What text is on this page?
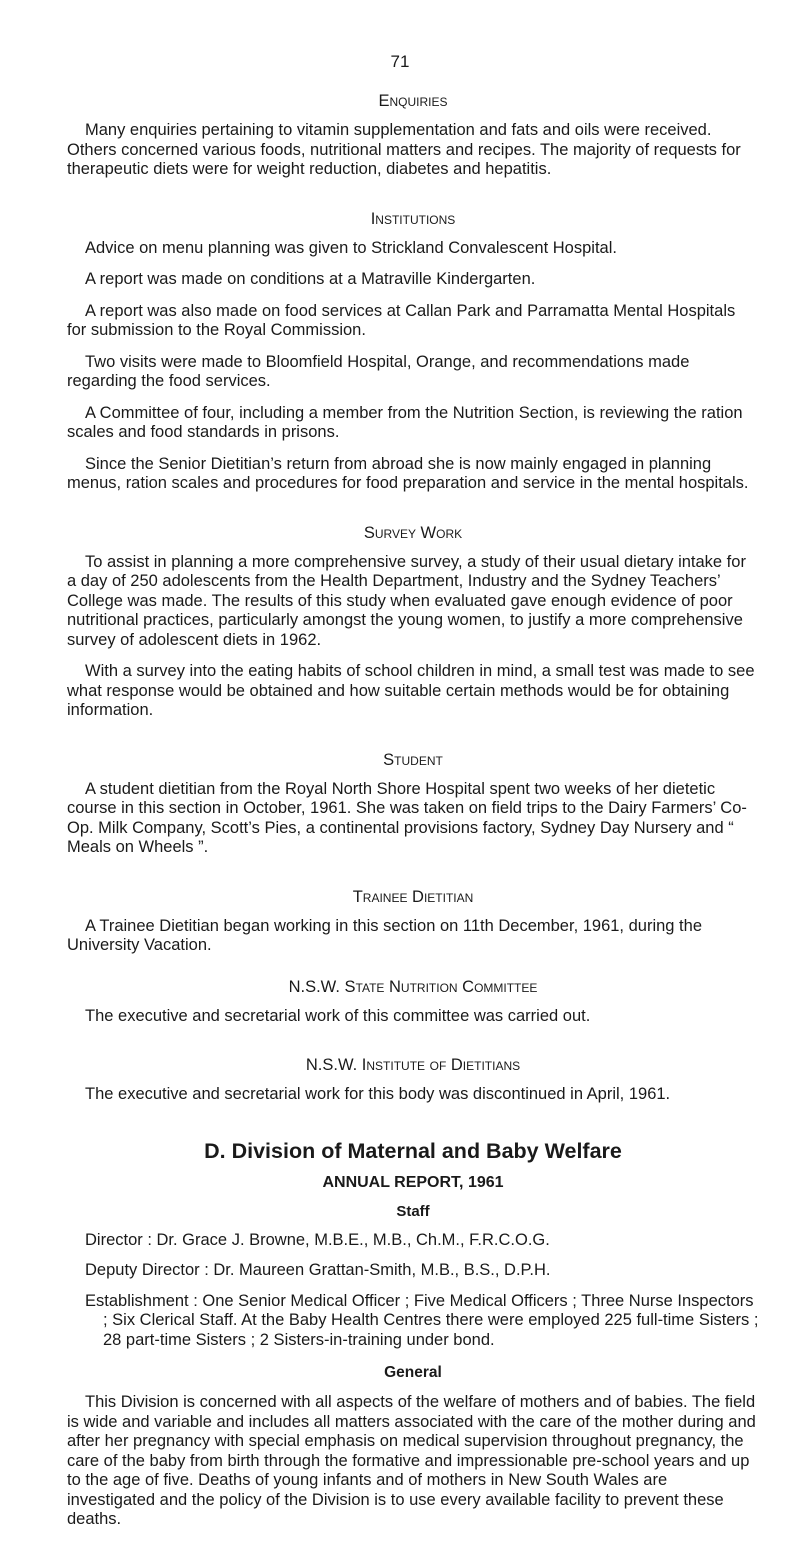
71
Enquiries

Many enquiries pertaining to vitamin supplementation and fats and oils were received. Others concerned various foods, nutritional matters and recipes. The majority of requests for therapeutic diets were for weight reduction, diabetes and hepatitis.

Institutions

Advice on menu planning was given to Strickland Convalescent Hospital.

A report was made on conditions at a Matraville Kindergarten.

A report was also made on food services at Callan Park and Parramatta Mental Hospitals for submission to the Royal Commission.

Two visits were made to Bloomfield Hospital, Orange, and recommendations made regarding the food services.

A Committee of four, including a member from the Nutrition Section, is reviewing the ration scales and food standards in prisons.

Since the Senior Dietitian’s return from abroad she is now mainly engaged in planning menus, ration scales and procedures for food preparation and service in the mental hospitals.

Survey Work

To assist in planning a more comprehensive survey, a study of their usual dietary intake for a day of 250 adolescents from the Health Department, Industry and the Sydney Teachers’ College was made. The results of this study when evaluated gave enough evidence of poor nutritional practices, particularly amongst the young women, to justify a more comprehensive survey of adolescent diets in 1962.

With a survey into the eating habits of school children in mind, a small test was made to see what response would be obtained and how suitable certain methods would be for obtaining information.

Student

A student dietitian from the Royal North Shore Hospital spent two weeks of her dietetic course in this section in October, 1961. She was taken on field trips to the Dairy Farmers’ Co-Op. Milk Company, Scott’s Pies, a continental provisions factory, Sydney Day Nursery and “ Meals on Wheels ”.

Trainee Dietitian

A Trainee Dietitian began working in this section on 11th December, 1961, during the University Vacation.

N.S.W. State Nutrition Committee

The executive and secretarial work of this committee was carried out.

N.S.W. Institute of Dietitians

The executive and secretarial work for this body was discontinued in April, 1961.

D. Division of Maternal and Baby Welfare
ANNUAL REPORT, 1961
Staff
Director : Dr. Grace J. Browne, M.B.E., M.B., Ch.M., F.R.C.O.G.
Deputy Director : Dr. Maureen Grattan-Smith, M.B., B.S., D.P.H.
Establishment : One Senior Medical Officer ; Five Medical Officers ; Three Nurse Inspectors ; Six Clerical Staff. At the Baby Health Centres there were employed 225 full-time Sisters ; 28 part-time Sisters ; 2 Sisters-in-training under bond.
General

This Division is concerned with all aspects of the welfare of mothers and of babies. The field is wide and variable and includes all matters associated with the care of the mother during and after her pregnancy with special emphasis on medical supervision throughout pregnancy, the care of the baby from birth through the formative and impressionable pre-school years and up to the age of five. Deaths of young infants and of mothers in New South Wales are investigated and the policy of the Division is to use every available facility to prevent these deaths.
